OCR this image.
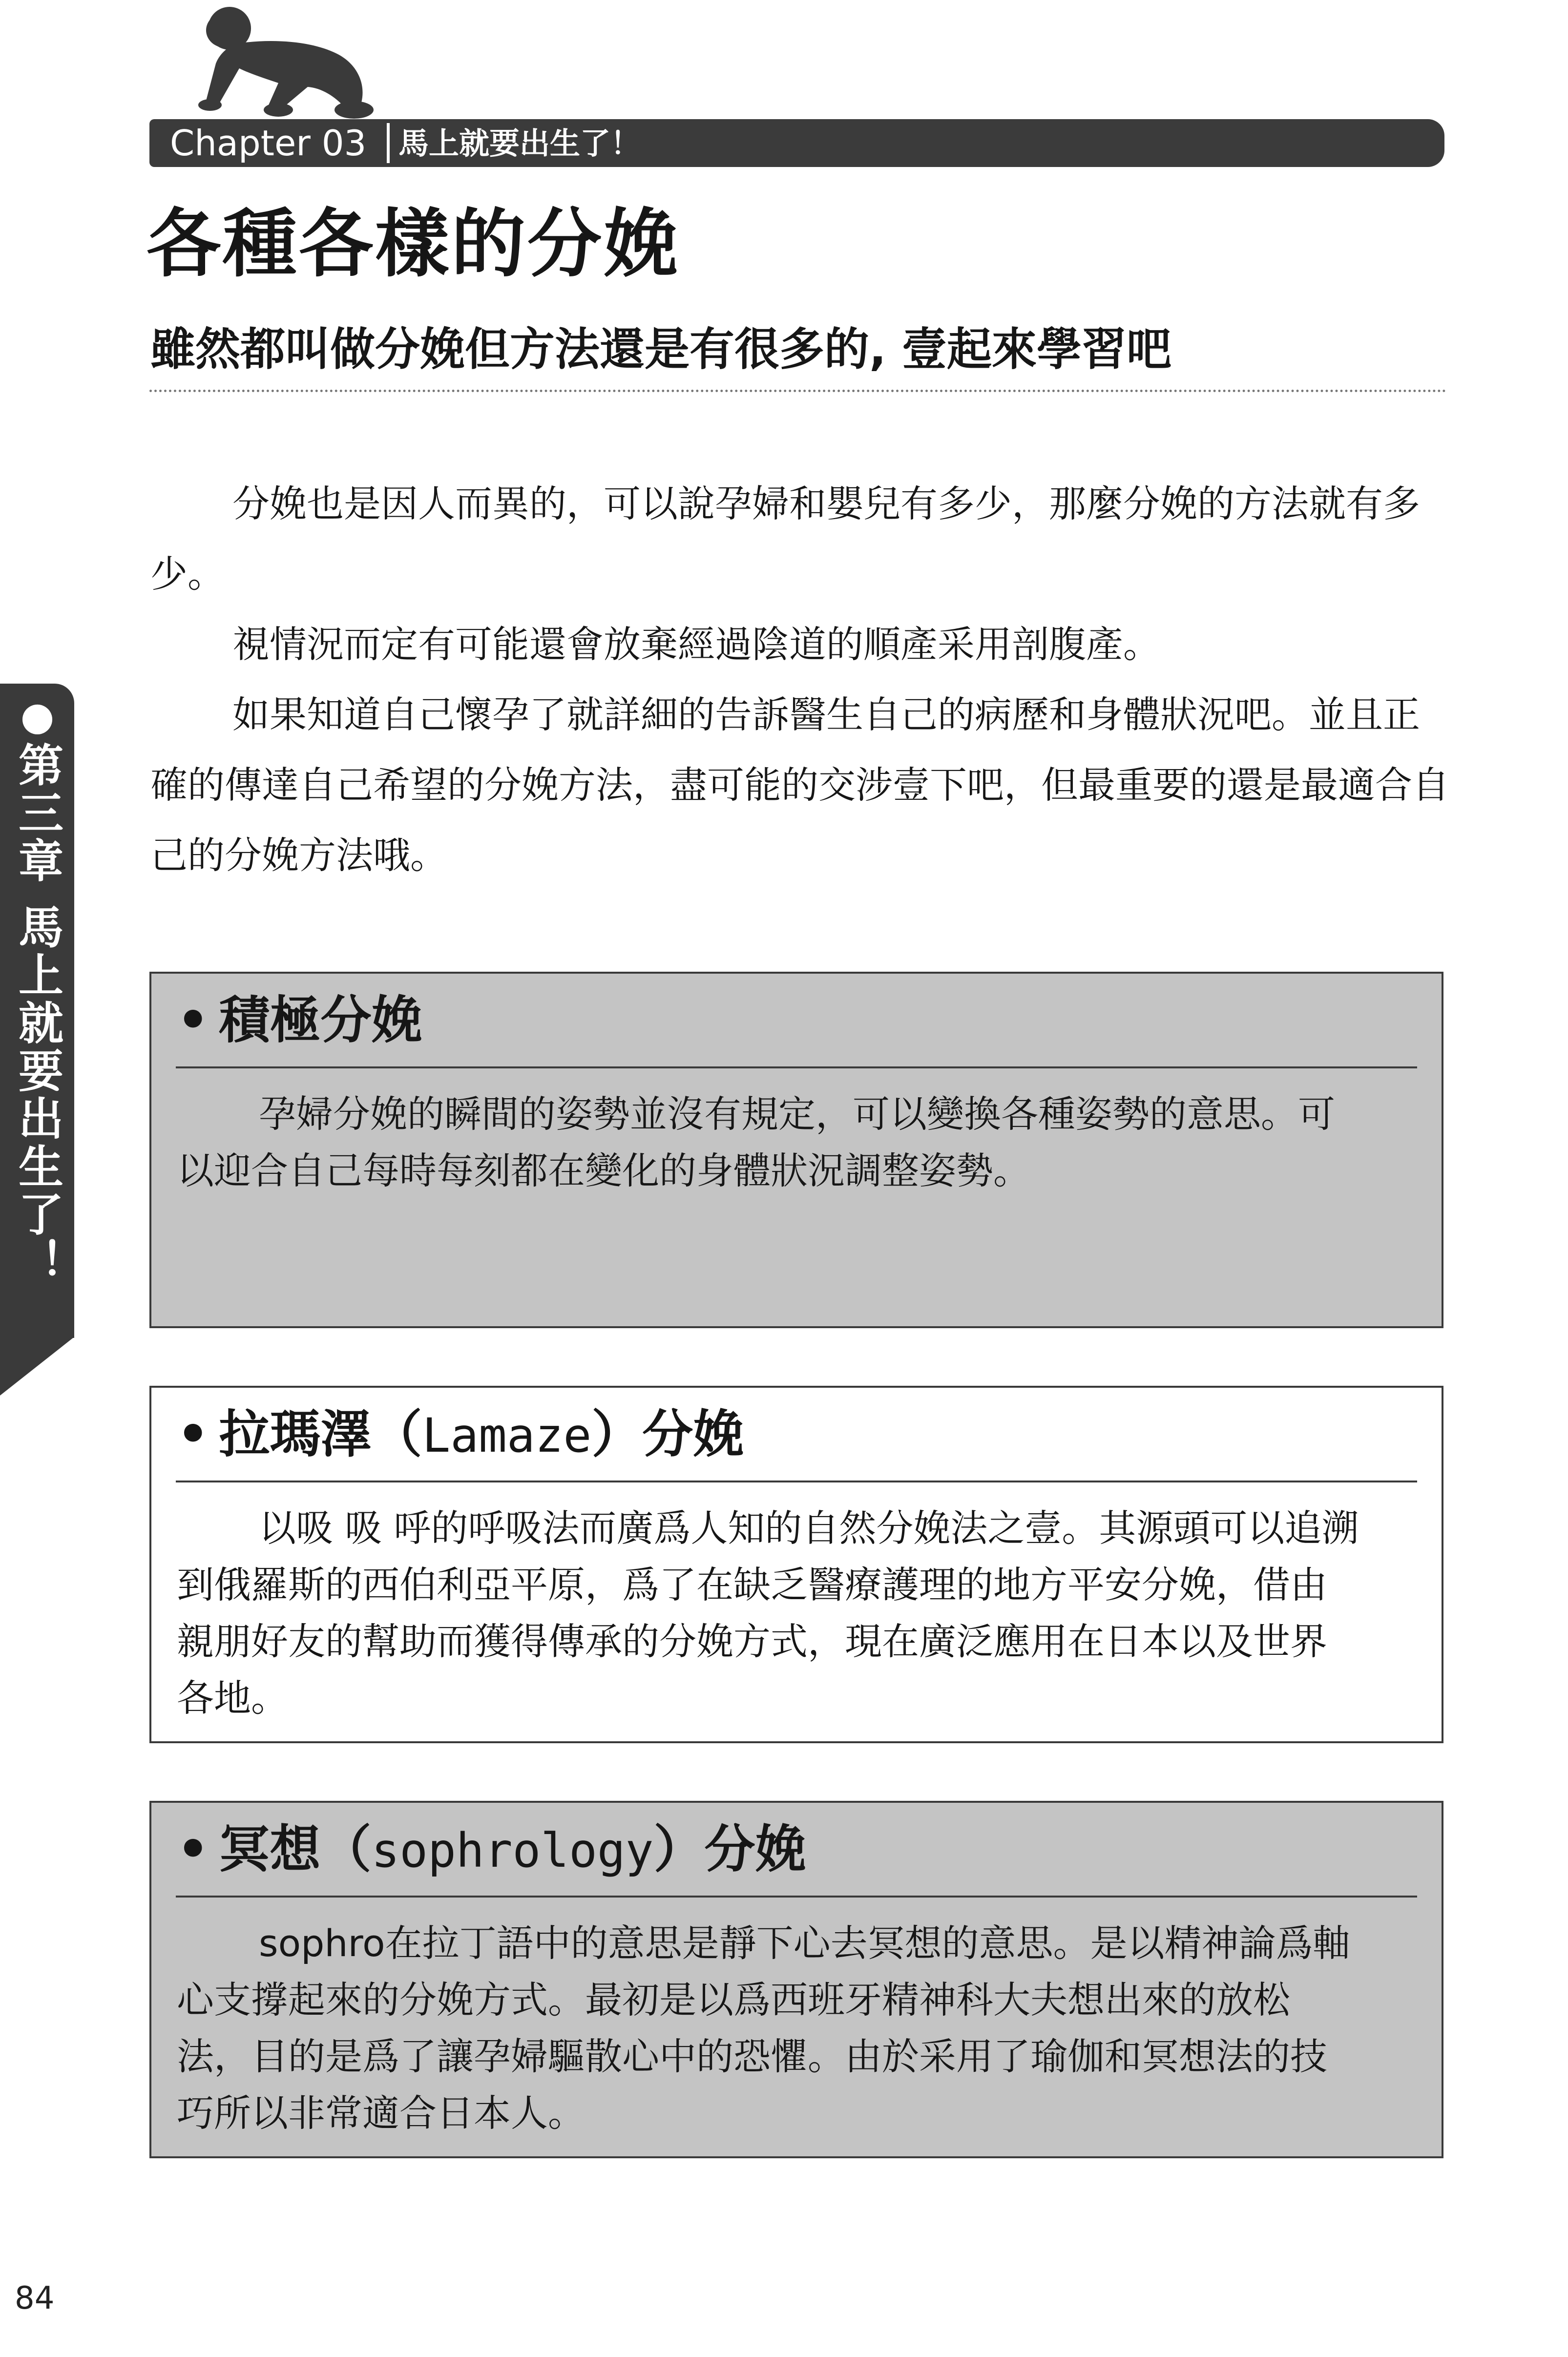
Chapter 03 馬上就要出生了！
各種各樣的分娩
雖然都叫做分娩但方法還是有很多的, 壹起來學習吧

分娩也是因人而異的，可以說孕婦和嬰兒有多少，那麼分娩的方法就有多少。

視情況而定有可能還會放棄經過陰道的順產采用剖腹產。

如果知道自己懷孕了就詳細的告訴醫生自己的病歷和身體狀況吧。並且正確的傳達自己希望的分娩方法，盡可能的交涉壹下吧，但最重要的還是最適合自己的分娩方法哦。

• 積極分娩

孕婦分娩的瞬間的姿勢並沒有規定，可以變換各種姿勢的意思。可以迎合自己每時每刻都在變化的身體狀況調整姿勢。

• 拉瑪澤（Lamaze）分娩

以吸 吸 呼的呼吸法而廣爲人知的自然分娩法之壹。其源頭可以追溯到俄羅斯的西伯利亞平原，爲了在缺乏醫療護理的地方平安分娩，借由親朋好友的幫助而獲得傳承的分娩方式，現在廣泛應用在日本以及世界各地。

• 冥想（sophrology）分娩

sophro在拉丁語中的意思是靜下心去冥想的意思。是以精神論爲軸心支撐起來的分娩方式。最初是以爲西班牙精神科大夫想出來的放松法，目的是爲了讓孕婦驅散心中的恐懼。由於采用了瑜伽和冥想法的技巧所以非常適合日本人。

●第三章 馬上就要出生了！
84
